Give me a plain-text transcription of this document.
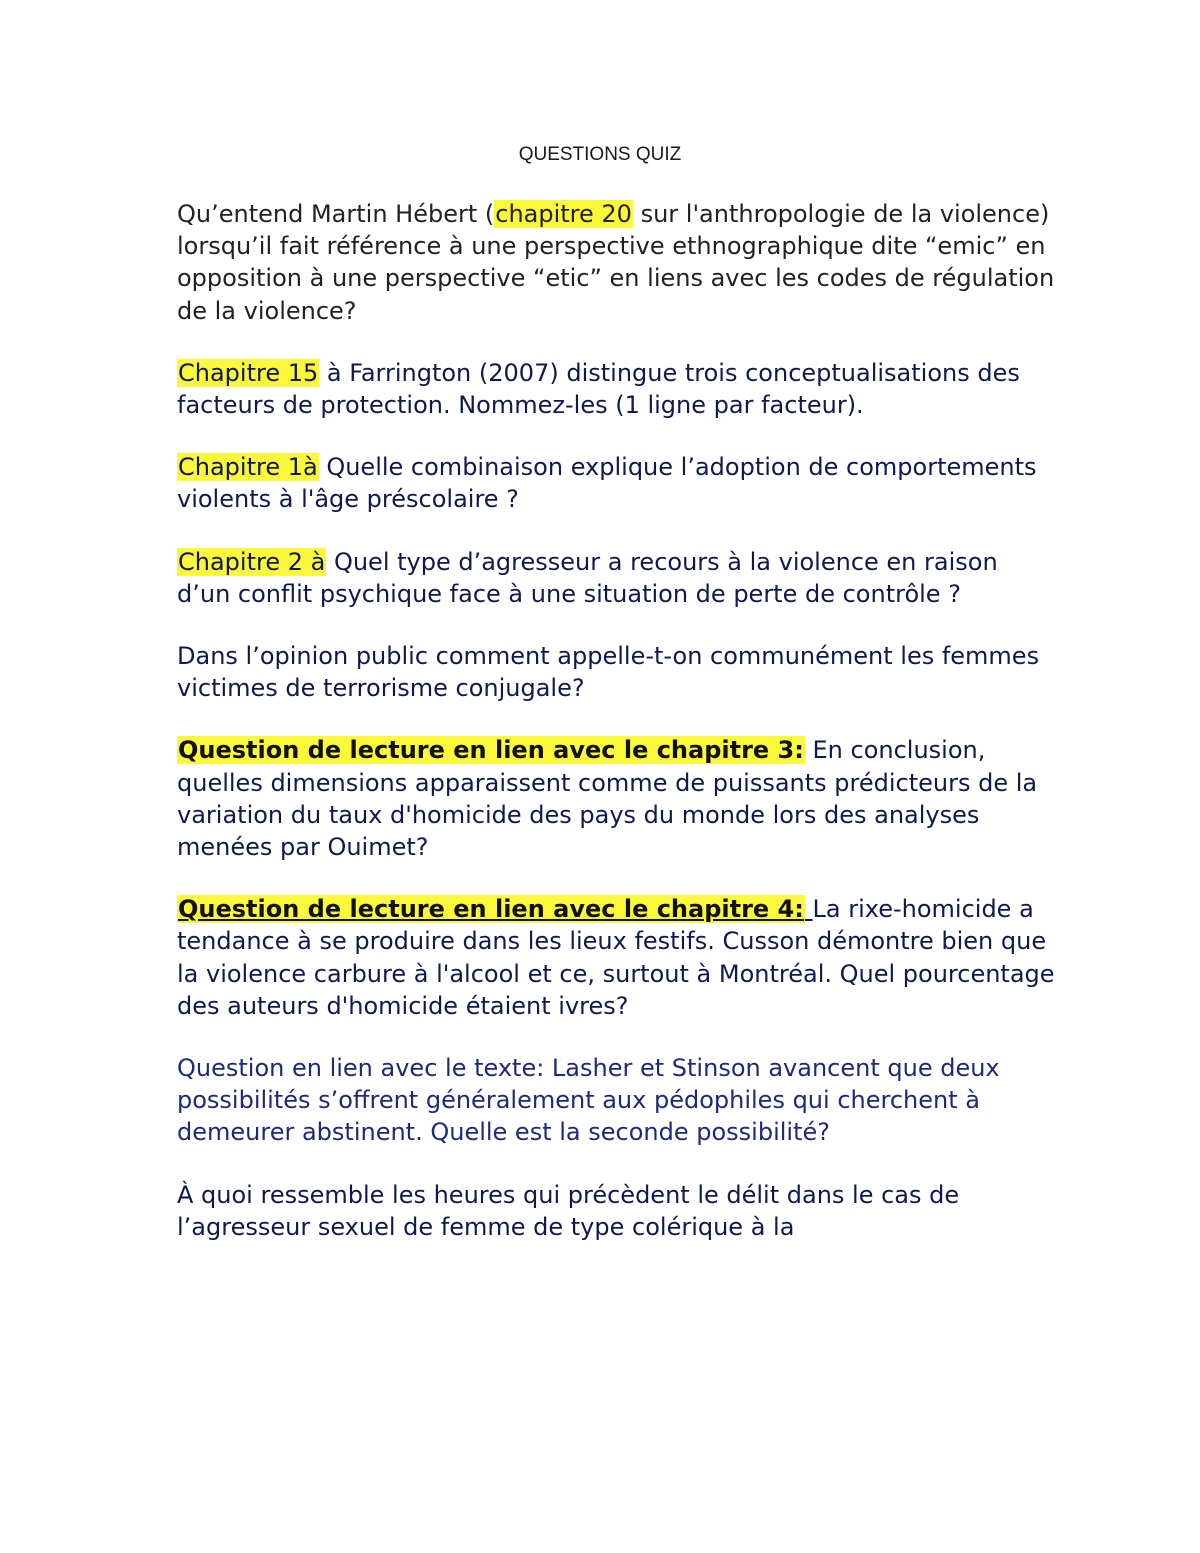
QUESTIONS QUIZ

Qu’entend Martin Hébert (chapitre 20 sur l'anthropologie de la violence) lorsqu’il fait référence à une perspective ethnographique dite “emic” en opposition à une perspective “etic” en liens avec les codes de régulation de la violence?

Chapitre 15 à Farrington (2007) distingue trois conceptualisations des facteurs de protection. Nommez-les (1 ligne par facteur).

Chapitre 1à Quelle combinaison explique l’adoption de comportements violents à l'âge préscolaire ?

Chapitre 2 à Quel type d’agresseur a recours à la violence en raison d’un conflit psychique face à une situation de perte de contrôle ?

Dans l’opinion public comment appelle-t-on communément les femmes victimes de terrorisme conjugale?

Question de lecture en lien avec le chapitre 3: En conclusion, quelles dimensions apparaissent comme de puissants prédicteurs de la variation du taux d'homicide des pays du monde lors des analyses menées par Ouimet?

Question de lecture en lien avec le chapitre 4: La rixe-homicide a tendance à se produire dans les lieux festifs. Cusson démontre bien que la violence carbure à l'alcool et ce, surtout à Montréal. Quel pourcentage des auteurs d'homicide étaient ivres?

Question en lien avec le texte: Lasher et Stinson avancent que deux possibilités s’offrent généralement aux pédophiles qui cherchent à demeurer abstinent. Quelle est la seconde possibilité?

À quoi ressemble les heures qui précèdent le délit dans le cas de l’agresseur sexuel de femme de type colérique à la
